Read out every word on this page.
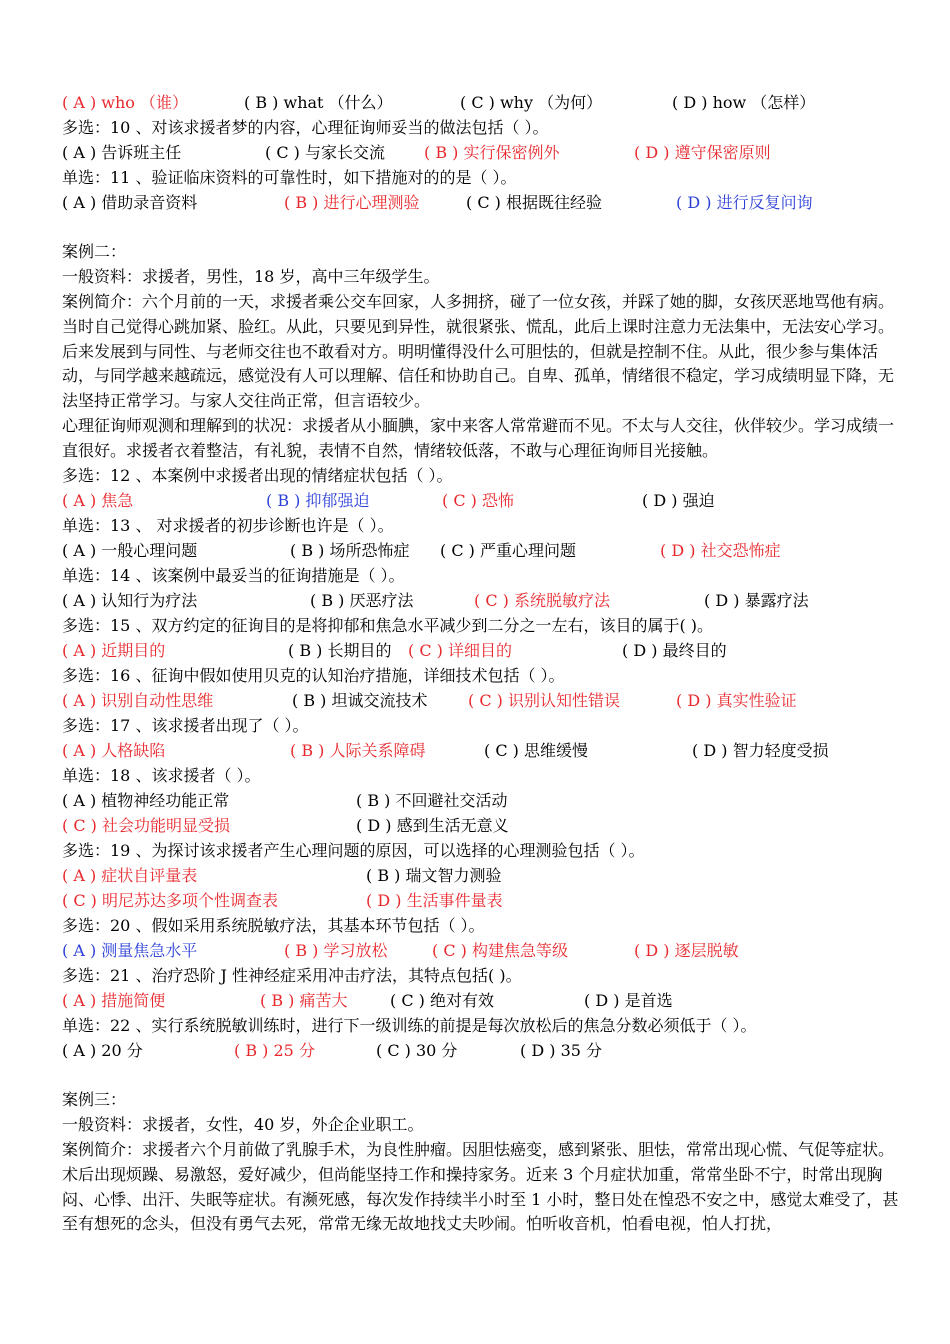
( A ) who （谁）	( B ) what （什么）	( C ) why （为何）	( D ) how （怎样）
多选：10 、对该求援者梦的内容，心理征询师妥当的做法包括（ ）。
( A ) 告诉班主任	( C ) 与家长交流 ( B ) 实行保密例外	( D ) 遵守保密原则
单选：11 、验证临床资料的可靠性时，如下措施对的的是（ ）。
( A ) 借助录音资料	( B ) 进行心理测验	( C ) 根据既往经验	( D ) 进行反复问询
案例二：
一般资料：求援者，男性，18 岁，高中三年级学生。
案例简介：六个月前的一天，求援者乘公交车回家，人多拥挤，碰了一位女孩，并踩了她的脚，女孩厌恶地骂他有病。当时自己觉得心跳加紧、脸红。从此，只要见到异性，就很紧张、慌乱，此后上课时注意力无法集中，无法安心学习。后来发展到与同性、与老师交往也不敢看对方。明明懂得没什么可胆怯的，但就是控制不住。从此，很少参与集体活动，与同学越来越疏远，感觉没有人可以理解、信任和协助自己。自卑、孤单，情绪很不稳定，学习成绩明显下降，无法坚持正常学习。与家人交往尚正常，但言语较少。
心理征询师观测和理解到的状况：求援者从小腼腆，家中来客人常常避而不见。不太与人交往，伙伴较少。学习成绩一直很好。求援者衣着整洁，有礼貌，表情不自然，情绪较低落，不敢与心理征询师目光接触。
多选：12 、本案例中求援者出现的情绪症状包括（ ）。
( A ) 焦急	( B ) 抑郁强迫	( C ) 恐怖	( D ) 强迫
单选：13 、 对求援者的初步诊断也许是（ ）。
( A ) 一般心理问题	( B ) 场所恐怖症 ( C ) 严重心理问题	( D ) 社交恐怖症
单选：14 、该案例中最妥当的征询措施是（ ）。
( A ) 认知行为疗法	( B ) 厌恶疗法	( C ) 系统脱敏疗法	( D ) 暴露疗法
多选：15 、双方约定的征询目的是将抑郁和焦急水平减少到二分之一左右，该目的属于( )。
( A ) 近期目的	( B ) 长期目的 ( C ) 详细目的	( D ) 最终目的
多选：16 、征询中假如使用贝克的认知治疗措施，详细技术包括（ ）。
( A ) 识别自动性思维	( B ) 坦诚交流技术	( C ) 识别认知性错误	( D ) 真实性验证
多选：17 、该求援者出现了（ ）。
( A ) 人格缺陷	( B ) 人际关系障碍	( C ) 思维缓慢	( D ) 智力轻度受损
单选：18 、该求援者（ ）。
( A ) 植物神经功能正常	( B ) 不回避社交活动
( C ) 社会功能明显受损	( D ) 感到生活无意义
多选：19 、为探讨该求援者产生心理问题的原因，可以选择的心理测验包括（ ）。
( A ) 症状自评量表	( B ) 瑞文智力测验
( C ) 明尼苏达多项个性调查表	( D ) 生活事件量表
多选：20 、假如采用系统脱敏疗法，其基本环节包括（ ）。
( A ) 测量焦急水平	( B ) 学习放松	( C ) 构建焦急等级	( D ) 逐层脱敏
多选：21 、治疗恐阶 J 性神经症采用冲击疗法，其特点包括( )。
( A ) 措施简便	( B ) 痛苦大	( C ) 绝对有效	( D ) 是首选
单选：22 、实行系统脱敏训练时，进行下一级训练的前提是每次放松后的焦急分数必须低于（ ）。
( A ) 20 分	( B ) 25 分	( C ) 30 分	( D ) 35 分
案例三：
一般资料：求援者，女性，40 岁，外企企业职工。
案例简介：求援者六个月前做了乳腺手术，为良性肿瘤。因胆怯癌变，感到紧张、胆怯，常常出现心慌、气促等症状。术后出现烦躁、易激怒，爱好减少，但尚能坚持工作和操持家务。近来 3 个月症状加重，常常坐卧不宁，时常出现胸闷、心悸、出汗、失眠等症状。有濒死感，每次发作持续半小时至 1 小时，整日处在惶恐不安之中，感觉太难受了，甚至有想死的念头，但没有勇气去死，常常无缘无故地找丈夫吵闹。怕听收音机，怕看电视，怕人打扰，
